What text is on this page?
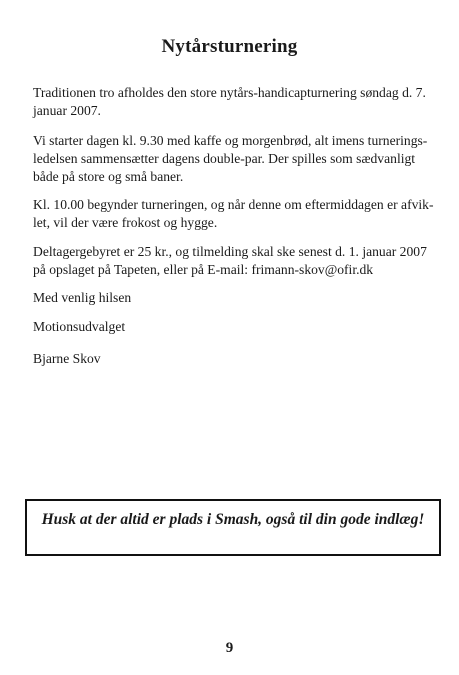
Nytårsturnering
Traditionen tro afholdes den store nytårs-handicapturnering søndag d. 7.
januar 2007.
Vi starter dagen kl. 9.30 med kaffe og morgenbrød, alt imens turnerings-
ledelsen sammensætter dagens double-par. Der spilles som sædvanligt
både på store og små baner.
Kl. 10.00 begynder turneringen, og når denne om eftermiddagen er afvik-
let, vil der være frokost og hygge.
Deltagergebyret er 25 kr., og tilmelding skal ske senest d. 1. januar 2007
på opslaget på Tapeten, eller på E-mail: frimann-skov@ofir.dk
Med venlig hilsen
Motionsudvalget
Bjarne Skov
Husk at der altid er plads i Smash, også til din gode indlæg!
9
